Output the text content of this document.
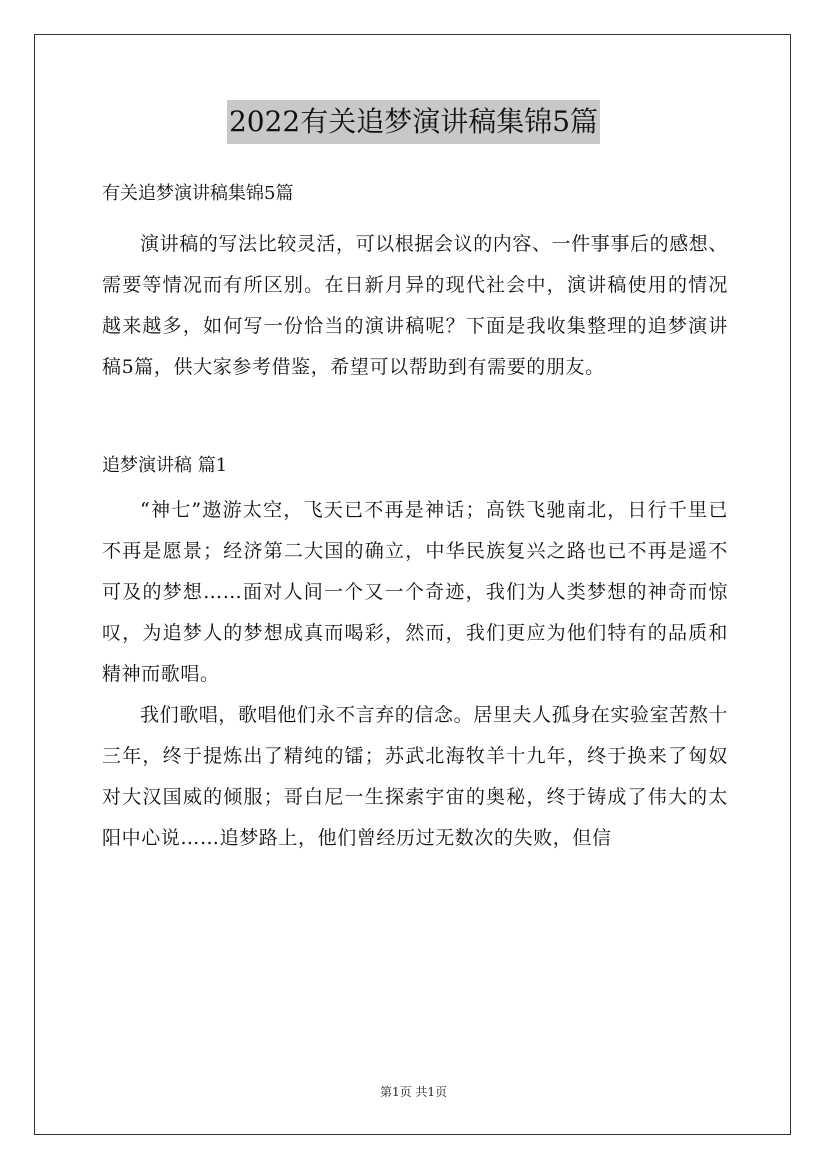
2022有关追梦演讲稿集锦5篇

有关追梦演讲稿集锦5篇

演讲稿的写法比较灵活，可以根据会议的内容、一件事事后的感想、需要等情况而有所区别。在日新月异的现代社会中，演讲稿使用的情况越来越多，如何写一份恰当的演讲稿呢？下面是我收集整理的追梦演讲稿5篇，供大家参考借鉴，希望可以帮助到有需要的朋友。

追梦演讲稿 篇1

“神七”遨游太空，飞天已不再是神话；高铁飞驰南北，日行千里已不再是愿景；经济第二大国的确立，中华民族复兴之路也已不再是遥不可及的梦想……面对人间一个又一个奇迹，我们为人类梦想的神奇而惊叹，为追梦人的梦想成真而喝彩，然而，我们更应为他们特有的品质和精神而歌唱。

我们歌唱，歌唱他们永不言弃的信念。居里夫人孤身在实验室苦熬十三年，终于提炼出了精纯的镭；苏武北海牧羊十九年，终于换来了匈奴对大汉国威的倾服；哥白尼一生探索宇宙的奥秘，终于铸成了伟大的太阳中心说……追梦路上，他们曾经历过无数次的失败，但信

第1页 共1页
